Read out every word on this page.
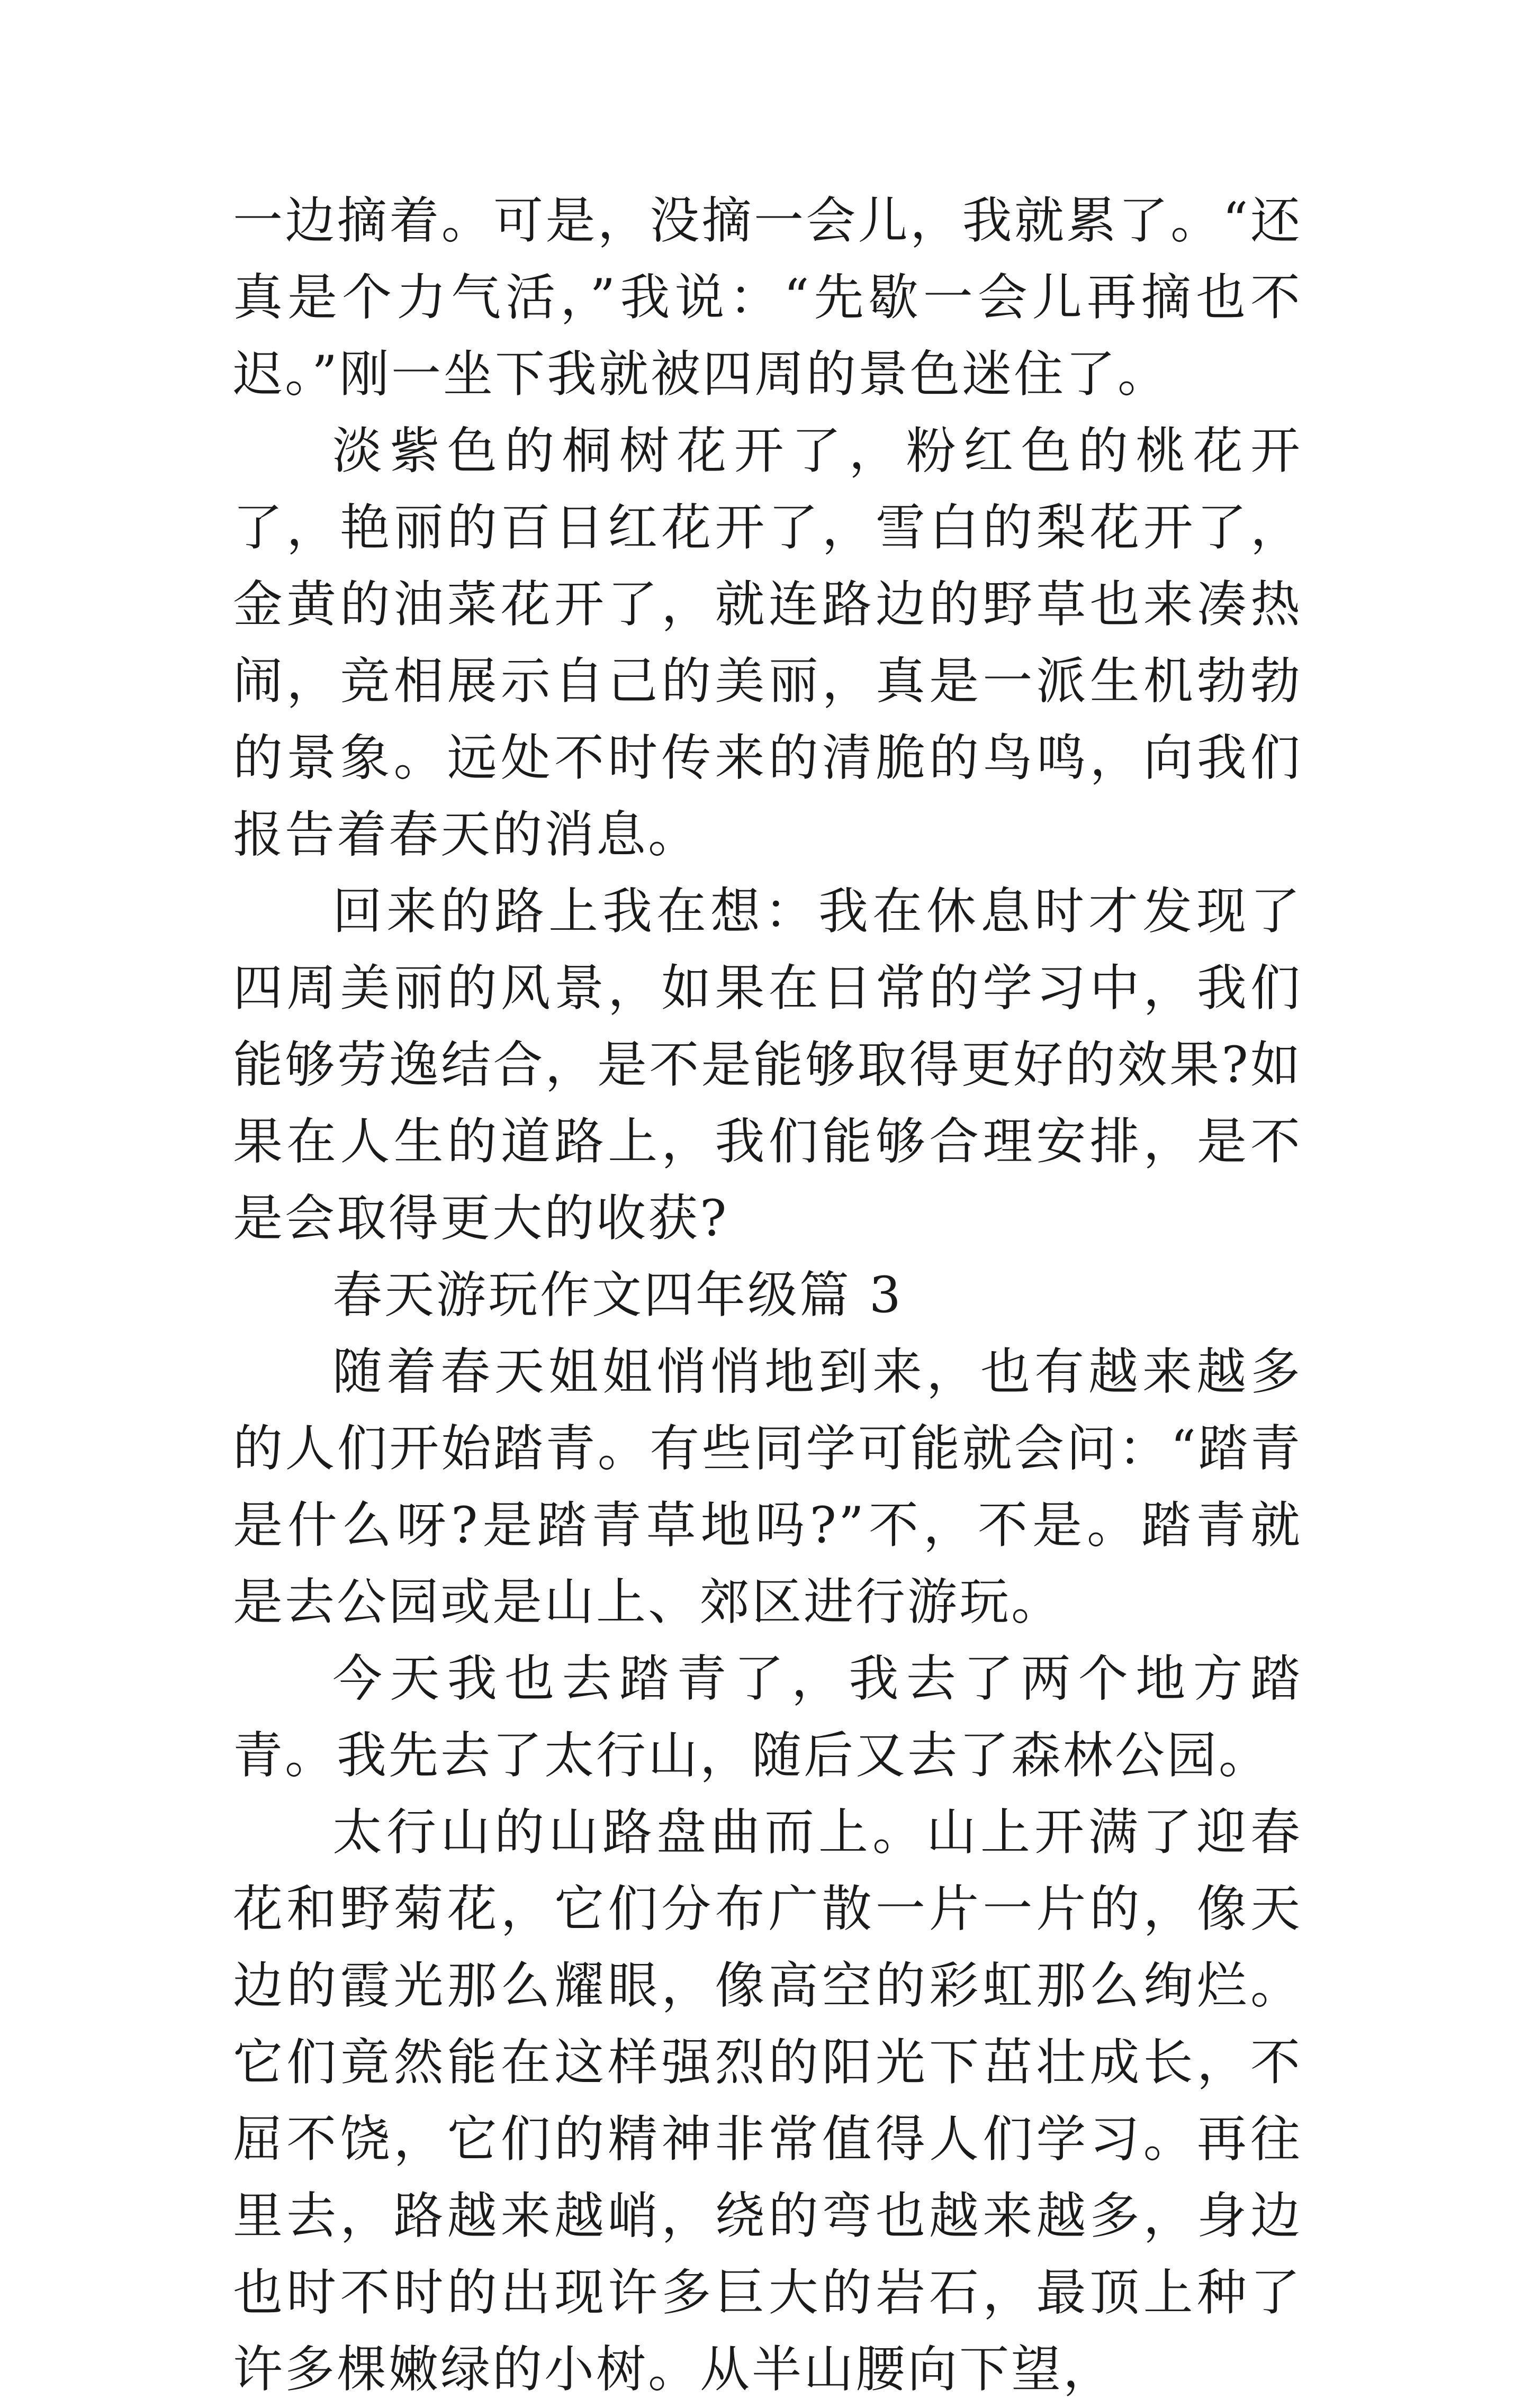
一边摘着。可是，没摘一会儿，我就累了。“还真是个力气活，”我说：“先歇一会儿再摘也不迟。”刚一坐下我就被四周的景色迷住了。

淡紫色的桐树花开了，粉红色的桃花开了，艳丽的百日红花开了，雪白的梨花开了，金黄的油菜花开了，就连路边的野草也来凑热闹，竞相展示自己的美丽，真是一派生机勃勃的景象。远处不时传来的清脆的鸟鸣，向我们报告着春天的消息。

回来的路上我在想：我在休息时才发现了四周美丽的风景，如果在日常的学习中，我们能够劳逸结合，是不是能够取得更好的效果?如果在人生的道路上，我们能够合理安排，是不是会取得更大的收获?

春天游玩作文四年级篇 3

随着春天姐姐悄悄地到来，也有越来越多的人们开始踏青。有些同学可能就会问：“踏青是什么呀?是踏青草地吗?”不，不是。踏青就是去公园或是山上、郊区进行游玩。

今天我也去踏青了，我去了两个地方踏青。我先去了太行山，随后又去了森林公园。

太行山的山路盘曲而上。山上开满了迎春花和野菊花，它们分布广散一片一片的，像天边的霞光那么耀眼，像高空的彩虹那么绚烂。它们竟然能在这样强烈的阳光下茁壮成长，不屈不饶，它们的精神非常值得人们学习。再往里去，路越来越峭，绕的弯也越来越多，身边也时不时的出现许多巨大的岩石，最顶上种了许多棵嫩绿的小树。从半山腰向下望，
